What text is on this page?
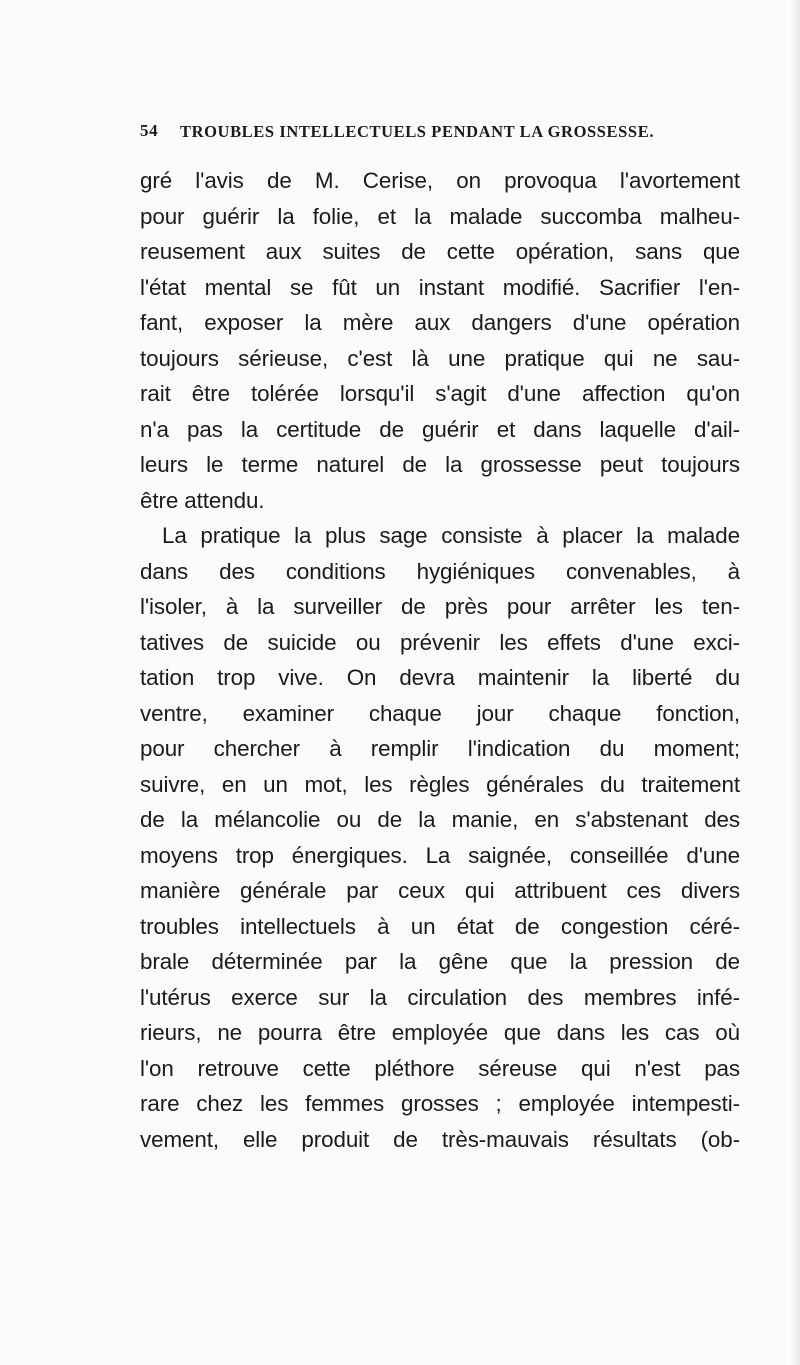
54 TROUBLES INTELLECTUELS PENDANT LA GROSSESSE.
gré l'avis de M. Cerise, on provoqua l'avortement
pour guérir la folie, et la malade succomba malheu-
reusement aux suites de cette opération, sans que
l'état mental se fût un instant modifié. Sacrifier l'en-
fant, exposer la mère aux dangers d'une opération
toujours sérieuse, c'est là une pratique qui ne sau-
rait être tolérée lorsqu'il s'agit d'une affection qu'on
n'a pas la certitude de guérir et dans laquelle d'ail-
leurs le terme naturel de la grossesse peut toujours
être attendu.
La pratique la plus sage consiste à placer la malade
dans des conditions hygiéniques convenables, à
l'isoler, à la surveiller de près pour arrêter les ten-
tatives de suicide ou prévenir les effets d'une exci-
tation trop vive. On devra maintenir la liberté du
ventre, examiner chaque jour chaque fonction,
pour chercher à remplir l'indication du moment;
suivre, en un mot, les règles générales du traitement
de la mélancolie ou de la manie, en s'abstenant des
moyens trop énergiques. La saignée, conseillée d'une
manière générale par ceux qui attribuent ces divers
troubles intellectuels à un état de congestion céré-
brale déterminée par la gêne que la pression de
l'utérus exerce sur la circulation des membres infé-
rieurs, ne pourra être employée que dans les cas où
l'on retrouve cette pléthore séreuse qui n'est pas
rare chez les femmes grosses ; employée intempesti-
vement, elle produit de très-mauvais résultats (ob-
